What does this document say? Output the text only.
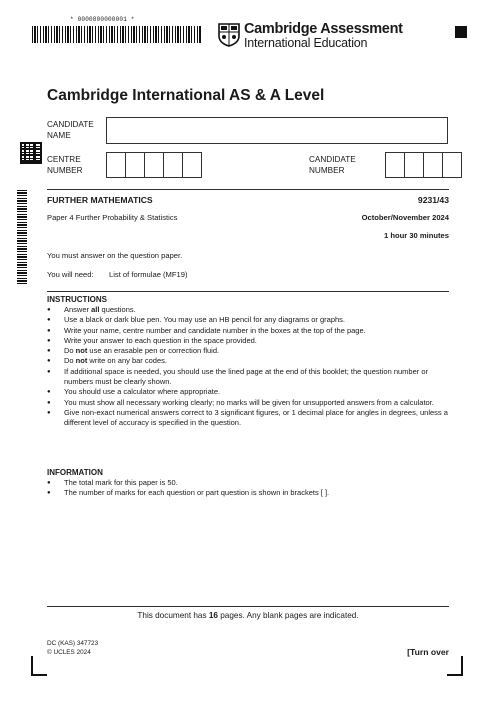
* 0000800000001 *
Cambridge Assessment
International Education
Cambridge International AS & A Level
CANDIDATE NAME
CENTRE NUMBER
CANDIDATE NUMBER
FURTHER MATHEMATICS	9231/43
Paper 4 Further Probability & Statistics	October/November 2024
1 hour 30 minutes
You must answer on the question paper.
You will need: List of formulae (MF19)
INSTRUCTIONS
● Answer all questions.
● Use a black or dark blue pen. You may use an HB pencil for any diagrams or graphs.
● Write your name, centre number and candidate number in the boxes at the top of the page.
● Write your answer to each question in the space provided.
● Do not use an erasable pen or correction fluid.
● Do not write on any bar codes.
● If additional space is needed, you should use the lined page at the end of this booklet; the question number or numbers must be clearly shown.
● You should use a calculator where appropriate.
● You must show all necessary working clearly; no marks will be given for unsupported answers from a calculator.
● Give non-exact numerical answers correct to 3 significant figures, or 1 decimal place for angles in degrees, unless a different level of accuracy is specified in the question.
INFORMATION
● The total mark for this paper is 50.
● The number of marks for each question or part question is shown in brackets [ ].
This document has 16 pages. Any blank pages are indicated.
DC (KAS) 347723
© UCLES 2024	[Turn over
